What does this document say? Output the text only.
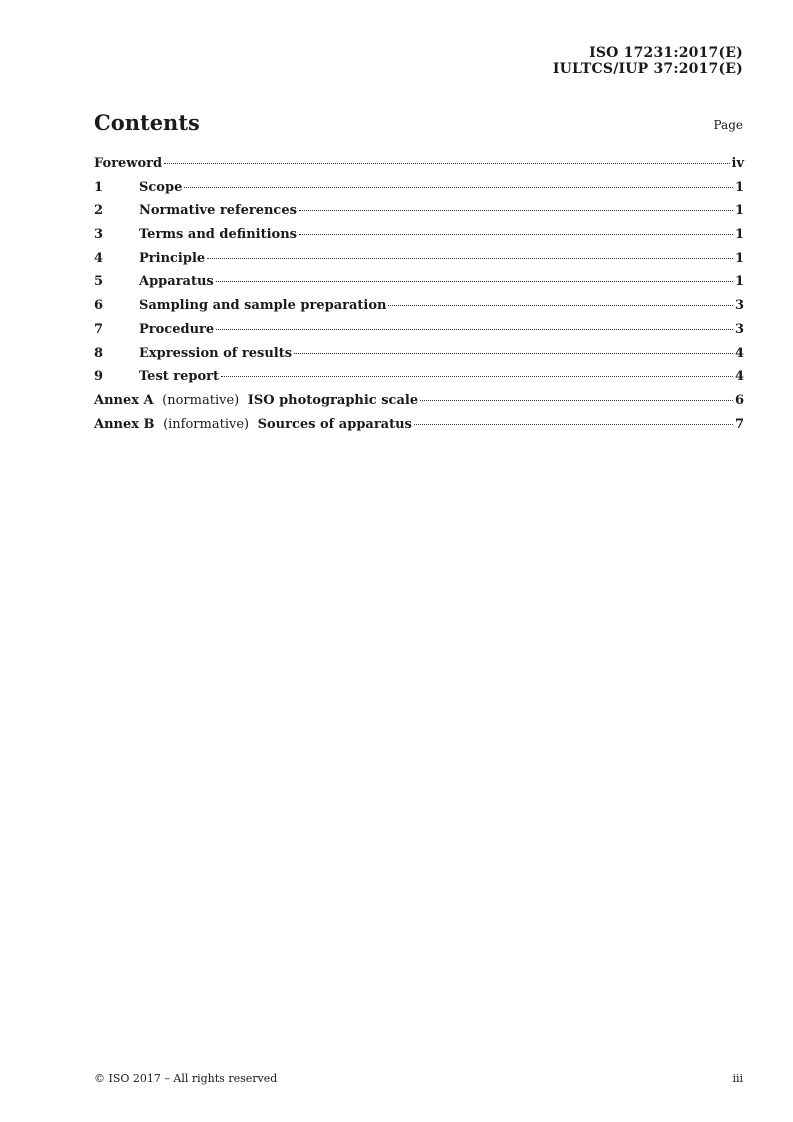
ISO 17231:2017(E)
IULTCS/IUP 37:2017(E)
Contents	Page
Foreword	iv
1	Scope	1
2	Normative references	1
3	Terms and definitions	1
4	Principle	1
5	Apparatus	1
6	Sampling and sample preparation	3
7	Procedure	3
8	Expression of results	4
9	Test report	4
Annex A (normative) ISO photographic scale	6
Annex B (informative) Sources of apparatus	7
© ISO 2017 – All rights reserved	iii
